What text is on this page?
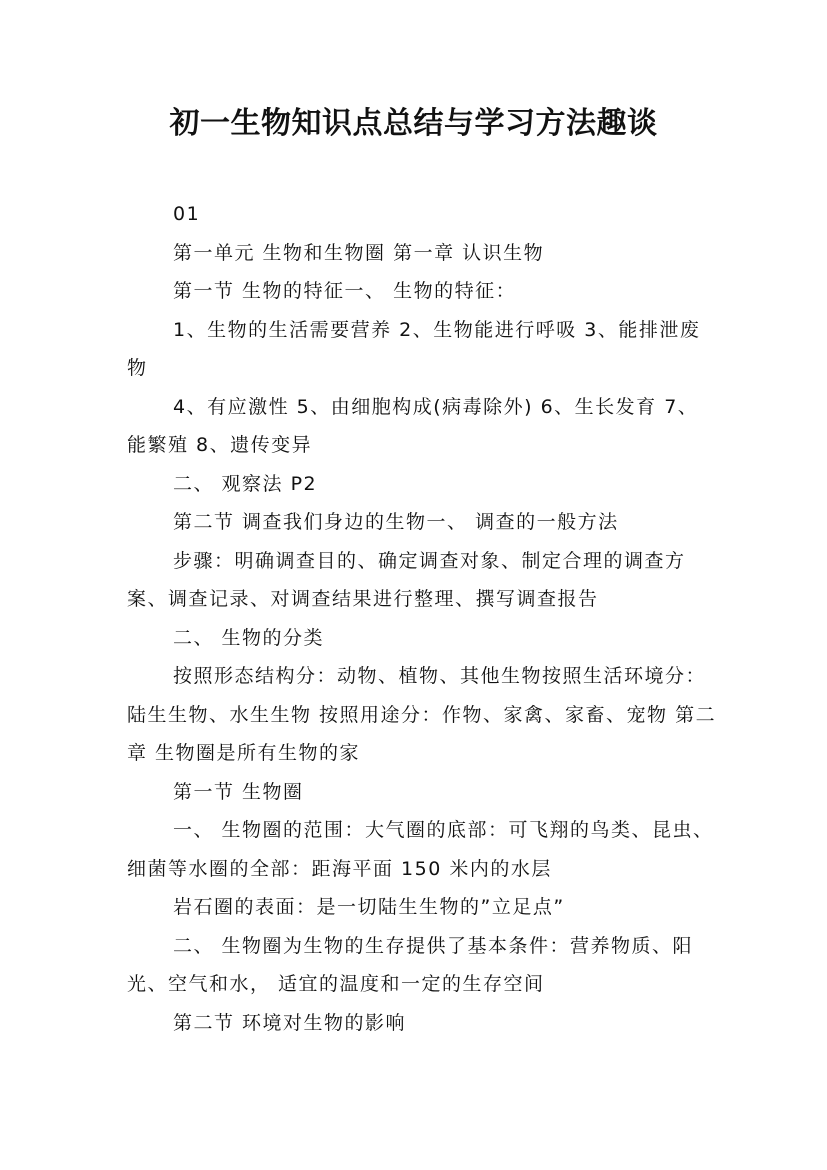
初一生物知识点总结与学习方法趣谈

01

第一单元 生物和生物圈 第一章 认识生物

第一节 生物的特征一、 生物的特征：

1、生物的生活需要营养 2、生物能进行呼吸 3、能排泄废物

4、有应激性 5、由细胞构成(病毒除外) 6、生长发育 7、能繁殖 8、遗传变异

二、 观察法 P2

第二节 调查我们身边的生物一、 调查的一般方法

步骤：明确调查目的、确定调查对象、制定合理的调查方案、调查记录、对调查结果进行整理、撰写调查报告

二、 生物的分类

按照形态结构分：动物、植物、其他生物按照生活环境分：陆生生物、水生生物 按照用途分：作物、家禽、家畜、宠物 第二章 生物圈是所有生物的家

第一节 生物圈

一、 生物圈的范围：大气圈的底部：可飞翔的鸟类、昆虫、细菌等水圈的全部：距海平面 150 米内的水层

岩石圈的表面：是一切陆生生物的”立足点”

二、 生物圈为生物的生存提供了基本条件：营养物质、阳光、空气和水， 适宜的温度和一定的生存空间

第二节 环境对生物的影响
